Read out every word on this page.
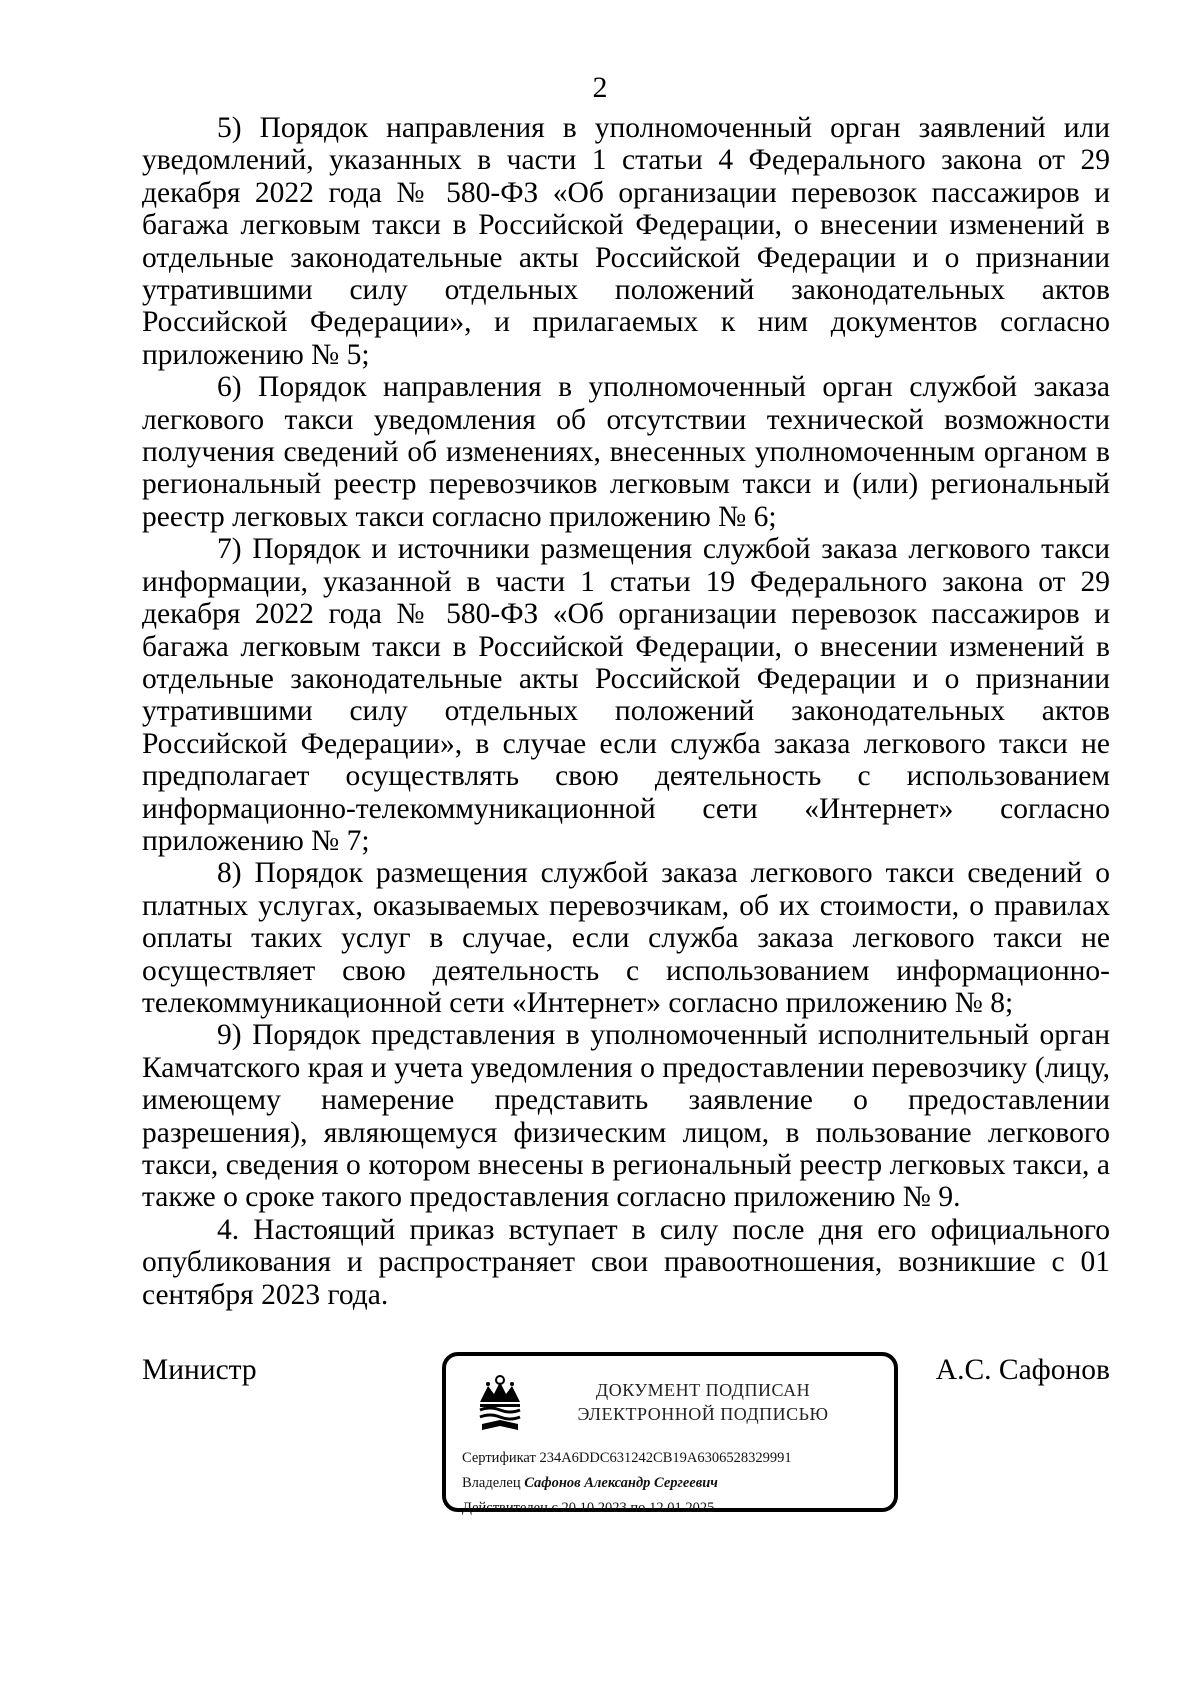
2

5) Порядок направления в уполномоченный орган заявлений или уведомлений, указанных в части 1 статьи 4 Федерального закона от 29 декабря 2022 года № 580-ФЗ «Об организации перевозок пассажиров и багажа легковым такси в Российской Федерации, о внесении изменений в отдельные законодательные акты Российской Федерации и о признании утратившими силу отдельных положений законодательных актов Российской Федерации», и прилагаемых к ним документов согласно приложению № 5;

6) Порядок направления в уполномоченный орган службой заказа легкового такси уведомления об отсутствии технической возможности получения сведений об изменениях, внесенных уполномоченным органом в региональный реестр перевозчиков легковым такси и (или) региональный реестр легковых такси согласно приложению № 6;

7) Порядок и источники размещения службой заказа легкового такси информации, указанной в части 1 статьи 19 Федерального закона от 29 декабря 2022 года № 580-ФЗ «Об организации перевозок пассажиров и багажа легковым такси в Российской Федерации, о внесении изменений в отдельные законодательные акты Российской Федерации и о признании утратившими силу отдельных положений законодательных актов Российской Федерации», в случае если служба заказа легкового такси не предполагает осуществлять свою деятельность с использованием информационно-телекоммуникационной сети «Интернет» согласно приложению № 7;

8) Порядок размещения службой заказа легкового такси сведений о платных услугах, оказываемых перевозчикам, об их стоимости, о правилах оплаты таких услуг в случае, если служба заказа легкового такси не осуществляет свою деятельность с использованием информационно-телекоммуникационной сети «Интернет» согласно приложению № 8;

9) Порядок представления в уполномоченный исполнительный орган Камчатского края и учета уведомления о предоставлении перевозчику (лицу, имеющему намерение представить заявление о предоставлении разрешения), являющемуся физическим лицом, в пользование легкового такси, сведения о котором внесены в региональный реестр легковых такси, а также о сроке такого предоставления согласно приложению № 9.

4. Настоящий приказ вступает в силу после дня его официального опубликования и распространяет свои правоотношения, возникшие с 01 сентября 2023 года.

Министр
ДОКУМЕНТ ПОДПИСАН
ЭЛЕКТРОННОЙ ПОДПИСЬЮ
Сертификат 234A6DDC631242CB19A6306528329991
Владелец Сафонов Александр Сергеевич
Действителен с 20.10.2023 по 12.01.2025
А.С. Сафонов
